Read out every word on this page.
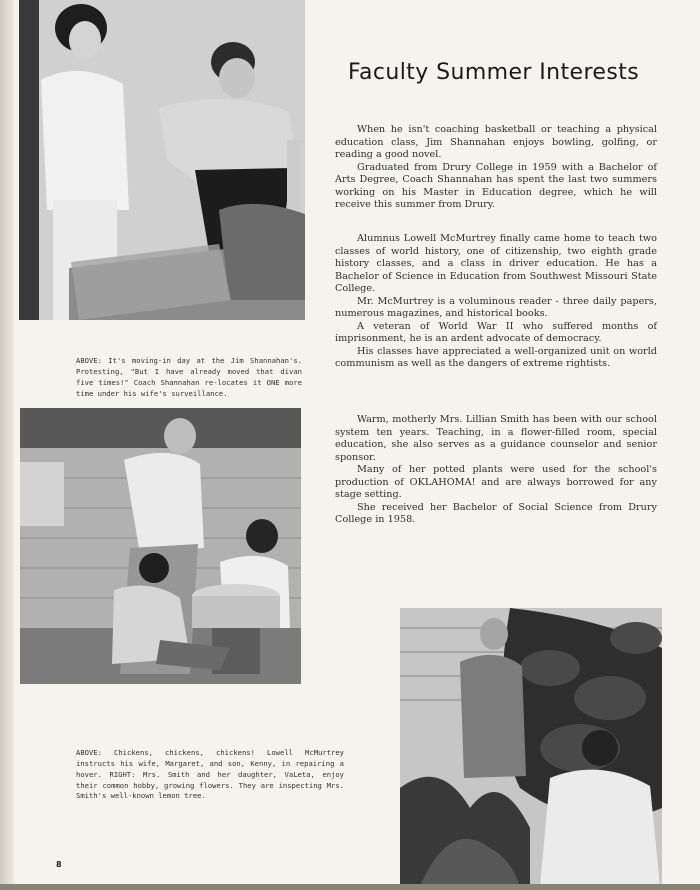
ABOVE: It's moving-in day at the Jim Shannahan's. Protesting, "But I have already moved that divan five times!" Coach Shannahan re-locates it ONE more time under his wife's surveillance.

ABOVE: Chickens, chickens, chickens! Lowell McMurtrey instructs his wife, Margaret, and son, Kenny, in repairing a hover. RIGHT: Mrs. Smith and her daughter, VaLeta, enjoy their common hobby, growing flowers. They are inspecting Mrs. Smith's well-known lemon tree.

Faculty Summer Interests

When he isn't coaching basketball or teaching a physical education class, Jim Shannahan enjoys bowling, golfing, or reading a good novel.

Graduated from Drury College in 1959 with a Bachelor of Arts Degree, Coach Shannahan has spent the last two summers working on his Master in Education degree, which he will receive this summer from Drury.

Alumnus Lowell McMurtrey finally came home to teach two classes of world history, one of citizenship, two eighth grade history classes, and a class in driver education. He has a Bachelor of Science in Education from Southwest Missouri State College.

Mr. McMurtrey is a voluminous reader - three daily papers, numerous magazines, and historical books.

A veteran of World War II who suffered months of imprisonment, he is an ardent advocate of democracy.

His classes have appreciated a well-organized unit on world communism as well as the dangers of extreme rightists.

Warm, motherly Mrs. Lillian Smith has been with our school system ten years. Teaching, in a flower-filled room, special education, she also serves as a guidance counselor and senior sponsor.

Many of her potted plants were used for the school's production of OKLAHOMA! and are always borrowed for any stage setting.

She received her Bachelor of Social Science from Drury College in 1958.

8
